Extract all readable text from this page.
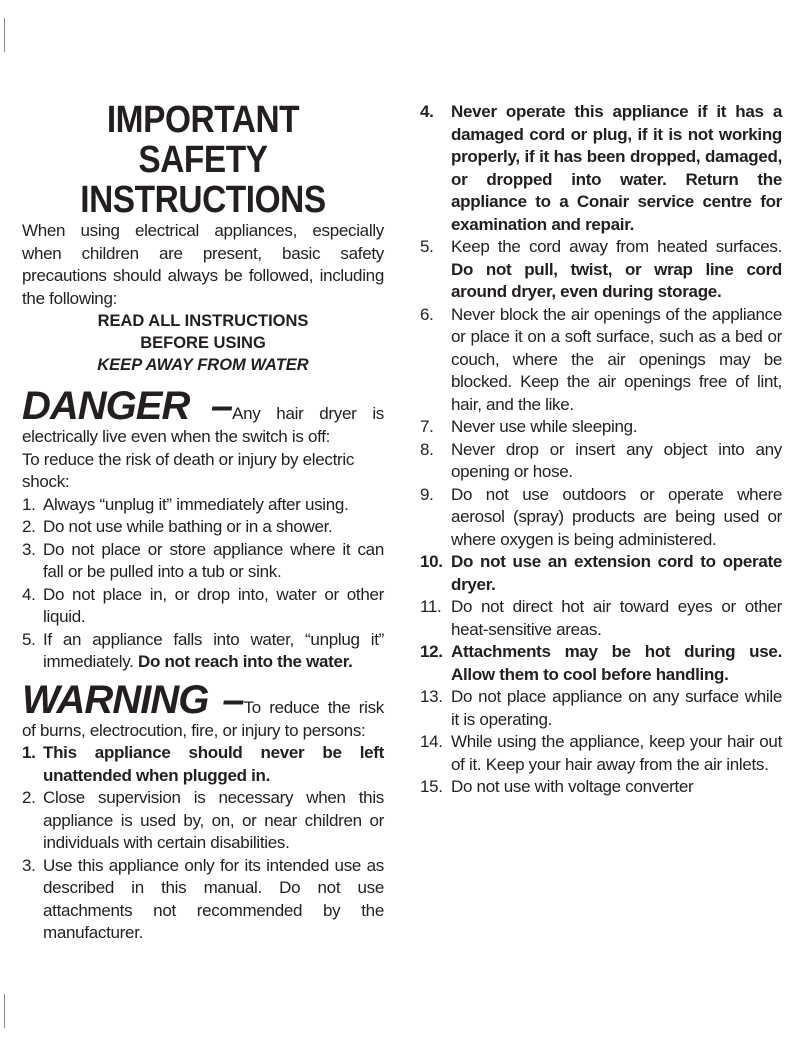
IMPORTANT SAFETY
INSTRUCTIONS

When using electrical appliances, especially when children are present, basic safety precautions should always be followed, including the following:

READ ALL INSTRUCTIONS

BEFORE USING

KEEP AWAY FROM WATER

DANGER –Any hair dryer is electrically live even when the switch is off:

To reduce the risk of death or injury by electric shock:

1. Always “unplug it” immediately after using.
2. Do not use while bathing or in a shower.
3. Do not place or store appliance where it can fall or be pulled into a tub or sink.
4. Do not place in, or drop into, water or other liquid.
5. If an appliance falls into water, “unplug it” immediately. Do not reach into the water.

WARNING –To reduce the risk of burns, electrocution, fire, or injury to persons:

1. This appliance should never be left unattended when plugged in.
2. Close supervision is necessary when this appliance is used by, on, or near children or individuals with certain disabilities.
3. Use this appliance only for its intended use as described in this manual. Do not use attachments not recommended by the manufacturer.
4. Never operate this appliance if it has a damaged cord or plug, if it is not working properly, if it has been dropped, damaged, or dropped into water. Return the appliance to a Conair service centre for examination and repair.
5. Keep the cord away from heated surfaces. Do not pull, twist, or wrap line cord around dryer, even during storage.
6. Never block the air openings of the appliance or place it on a soft surface, such as a bed or couch, where the air openings may be blocked. Keep the air openings free of lint, hair, and the like.
7. Never use while sleeping.
8. Never drop or insert any object into any opening or hose.
9. Do not use outdoors or operate where aerosol (spray) products are being used or where oxygen is being administered.
10. Do not use an extension cord to operate dryer.
11. Do not direct hot air toward eyes or other heat-sensitive areas.
12. Attachments may be hot during use. Allow them to cool before handling.
13. Do not place appliance on any surface while it is operating.
14. While using the appliance, keep your hair out of it. Keep your hair away from the air inlets.
15. Do not use with voltage converter
